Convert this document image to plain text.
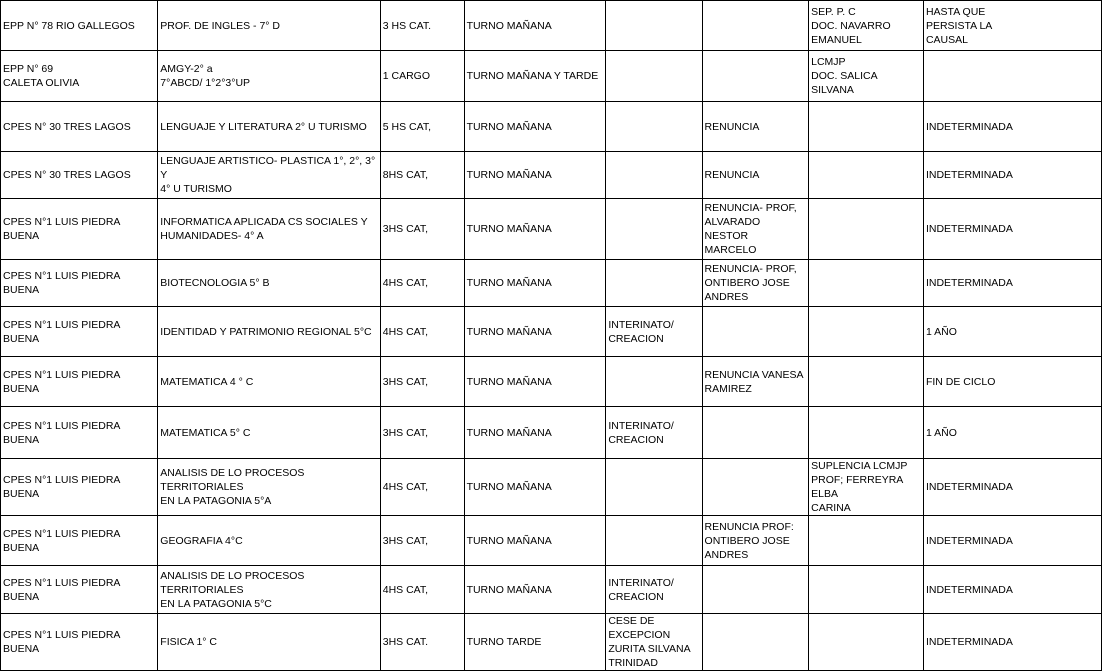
EPP N° 78 RIO GALLEGOS	PROF. DE INGLES - 7° D	3 HS CAT.	TURNO MAÑANA			SEP. P. C
DOC. NAVARRO
EMANUEL	HASTA QUE
PERSISTA LA
CAUSAL
EPP N° 69
CALETA OLIVIA	AMGY-2° a
7°ABCD/ 1°2°3°UP	1 CARGO	TURNO MAÑANA Y TARDE			LCMJP
DOC. SALICA
SILVANA	
CPES N° 30 TRES LAGOS	LENGUAJE Y LITERATURA 2° U TURISMO	5 HS CAT,	TURNO MAÑANA		RENUNCIA		INDETERMINADA
CPES N° 30 TRES LAGOS	LENGUAJE ARTISTICO- PLASTICA 1°, 2°, 3° Y
4° U TURISMO	8HS CAT,	TURNO MAÑANA		RENUNCIA		INDETERMINADA
CPES N°1 LUIS PIEDRA BUENA	INFORMATICA APLICADA CS SOCIALES Y
HUMANIDADES- 4° A	3HS CAT,	TURNO MAÑANA		RENUNCIA- PROF,
ALVARADO NESTOR
MARCELO		INDETERMINADA
CPES N°1 LUIS PIEDRA BUENA	BIOTECNOLOGIA 5° B	4HS CAT,	TURNO MAÑANA		RENUNCIA- PROF,
ONTIBERO JOSE
ANDRES		INDETERMINADA
CPES N°1 LUIS PIEDRA BUENA	IDENTIDAD Y PATRIMONIO REGIONAL 5°C	4HS CAT,	TURNO MAÑANA	INTERINATO/
CREACION			1 AÑO
CPES N°1 LUIS PIEDRA BUENA	MATEMATICA 4 ° C	3HS CAT,	TURNO MAÑANA		RENUNCIA VANESA
RAMIREZ		FIN DE CICLO
CPES N°1 LUIS PIEDRA BUENA	MATEMATICA 5° C	3HS CAT,	TURNO MAÑANA	INTERINATO/
CREACION			1 AÑO
CPES N°1 LUIS PIEDRA BUENA	ANALISIS DE LO PROCESOS TERRITORIALES
EN LA PATAGONIA 5°A	4HS CAT,	TURNO MAÑANA			SUPLENCIA LCMJP
PROF; FERREYRA ELBA
CARINA	INDETERMINADA
CPES N°1 LUIS PIEDRA BUENA	GEOGRAFIA 4°C	3HS CAT,	TURNO MAÑANA		RENUNCIA PROF:
ONTIBERO JOSE
ANDRES		INDETERMINADA
CPES N°1 LUIS PIEDRA BUENA	ANALISIS DE LO PROCESOS TERRITORIALES
EN LA PATAGONIA 5°C	4HS CAT,	TURNO MAÑANA	INTERINATO/
CREACION			INDETERMINADA
CPES N°1 LUIS PIEDRA BUENA	FISICA 1° C	3HS CAT.	TURNO TARDE	CESE DE EXCEPCION
ZURITA SILVANA
TRINIDAD			INDETERMINADA
